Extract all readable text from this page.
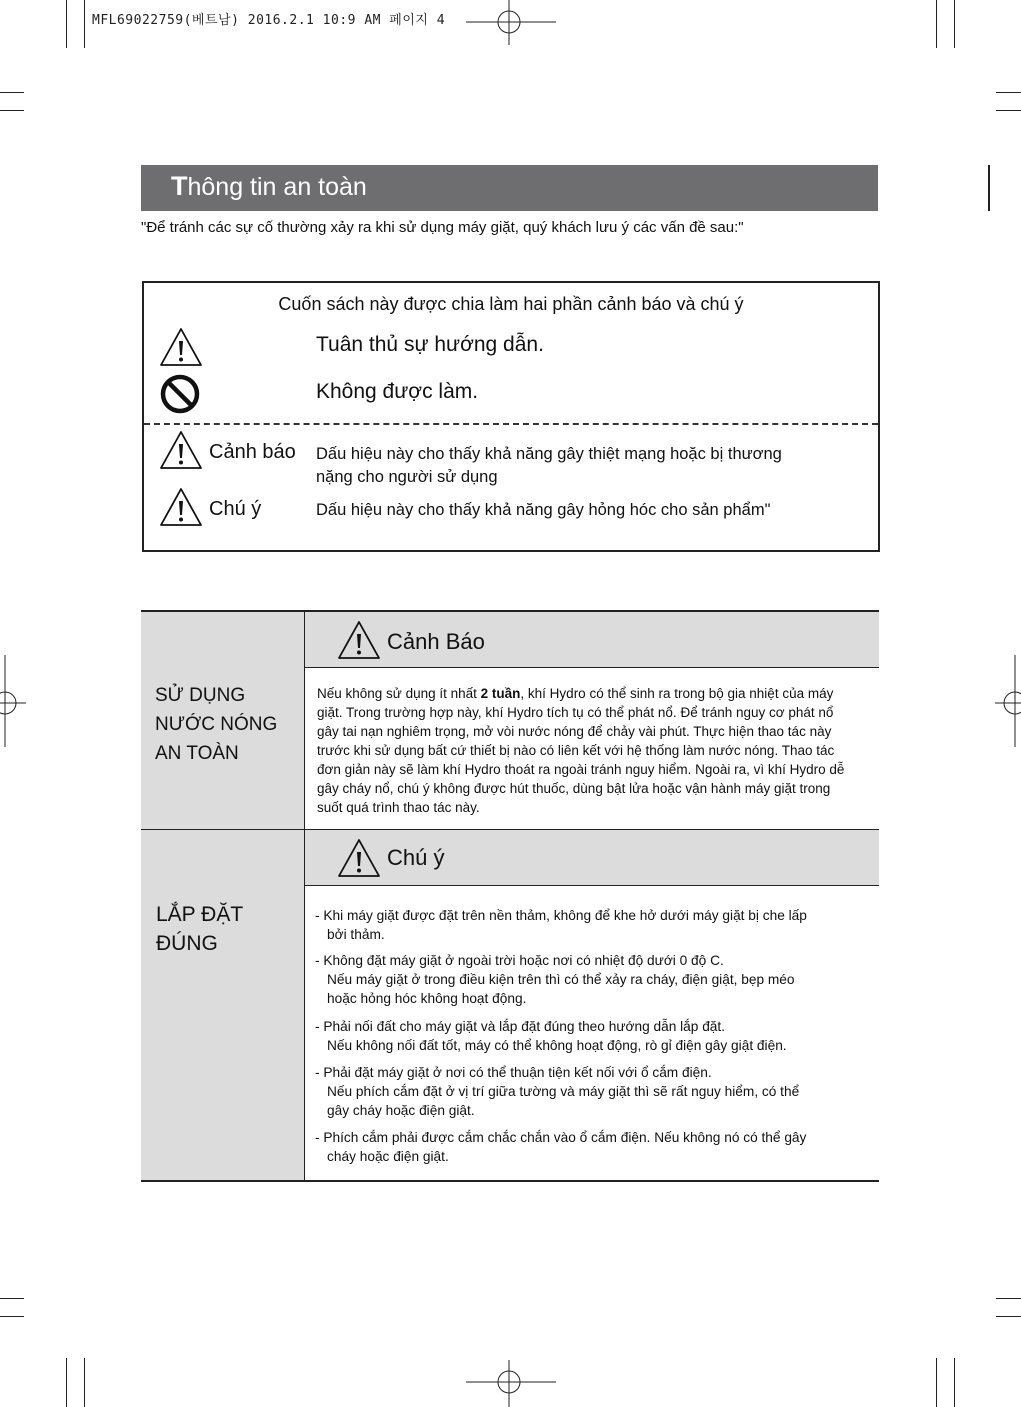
MFL69022759(베트남) 2016.2.1 10:9 AM 페이지 4
Thông tin an toàn
"Để tránh các sự cố thường xảy ra khi sử dụng máy giặt, quý khách lưu ý các vấn đề sau:"
Cuốn sách này được chia làm hai phần cảnh báo và chú ý
Tuân thủ sự hướng dẫn.
Không được làm.
Cảnh báo Dấu hiệu này cho thấy khả năng gây thiệt mạng hoặc bị thương
nặng cho người sử dụng
Chú ý	Dấu hiệu này cho thấy khả năng gây hỏng hóc cho sản phẩm"
SỬ DỤNG
NƯỚC NÓNG
AN TOÀN
Cảnh Báo
Nếu không sử dụng ít nhất 2 tuần, khí Hydro có thể sinh ra trong bộ gia nhiệt của máy
giặt. Trong trường hợp này, khí Hydro tích tụ có thể phát nổ. Để tránh nguy cơ phát nổ
gây tai nạn nghiêm trọng, mở vòi nước nóng để chảy vài phút. Thực hiện thao tác này
trước khi sử dụng bất cứ thiết bị nào có liên kết với hệ thống làm nước nóng. Thao tác
đơn giản này sẽ làm khí Hydro thoát ra ngoài tránh nguy hiểm. Ngoài ra, vì khí Hydro dễ
gây cháy nổ, chú ý không được hút thuốc, dùng bật lửa hoặc vận hành máy giặt trong
suốt quá trình thao tác này.
LẮP ĐẶT
ĐÚNG
Chú ý
- Khi máy giặt được đặt trên nền thảm, không để khe hở dưới máy giặt bị che lấp
bởi thảm.
- Không đặt máy giặt ở ngoài trời hoặc nơi có nhiệt độ dưới 0 độ C.
Nếu máy giặt ở trong điều kiện trên thì có thể xảy ra cháy, điện giật, bẹp méo
hoặc hỏng hóc không hoạt động.
- Phải nối đất cho máy giặt và lắp đặt đúng theo hướng dẫn lắp đặt.
Nếu không nối đất tốt, máy có thể không hoạt động, rò gỉ điện gây giật điện.
- Phải đặt máy giặt ở nơi có thể thuận tiện kết nối với ổ cắm điện.
Nếu phích cắm đặt ở vị trí giữa tường và máy giặt thì sẽ rất nguy hiểm, có thể
gây cháy hoặc điện giật.
- Phích cắm phải được cắm chắc chắn vào ổ cắm điện. Nếu không nó có thể gây
cháy hoặc điện giật.
